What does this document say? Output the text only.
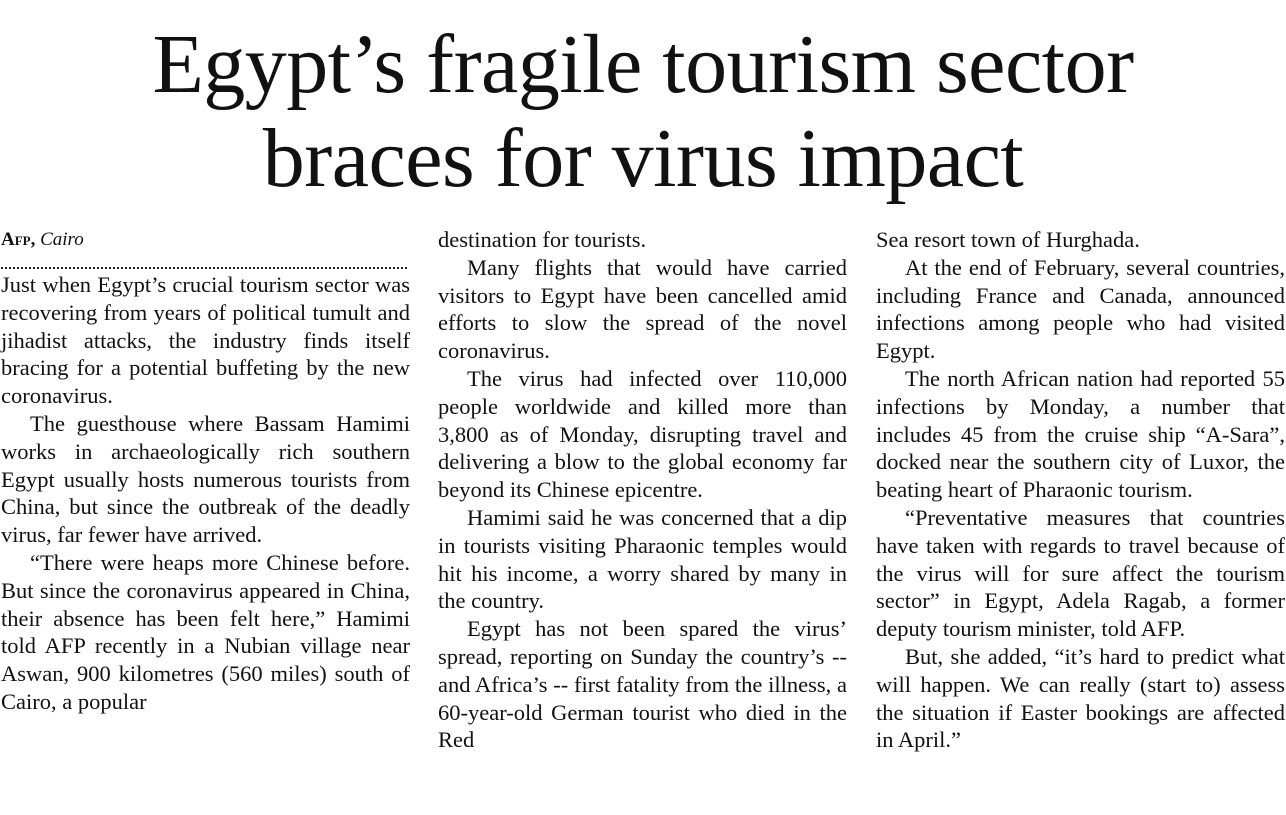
Egypt’s fragile tourism sector
braces for virus impact
Afp, Cairo

Just when Egypt’s crucial tourism sector was recovering from years of political tumult and jihadist attacks, the industry finds itself bracing for a potential buffeting by the new coronavirus.

The guesthouse where Bassam Hamimi works in archaeologically rich southern Egypt usually hosts numerous tourists from China, but since the outbreak of the deadly virus, far fewer have arrived.

“There were heaps more Chinese before. But since the coronavirus appeared in China, their absence has been felt here,” Hamimi told AFP recently in a Nubian village near Aswan, 900 kilometres (560 miles) south of Cairo, a popular

destination for tourists.

Many flights that would have carried visitors to Egypt have been cancelled amid efforts to slow the spread of the novel coronavirus.

The virus had infected over 110,000 people worldwide and killed more than 3,800 as of Monday, disrupting travel and delivering a blow to the global economy far beyond its Chinese epicentre.

Hamimi said he was concerned that a dip in tourists visiting Pharaonic temples would hit his income, a worry shared by many in the country.

Egypt has not been spared the virus’ spread, reporting on Sunday the country’s -- and Africa’s -- first fatality from the illness, a 60-year-old German tourist who died in the Red

Sea resort town of Hurghada.

At the end of February, several countries, including France and Canada, announced infections among people who had visited Egypt.

The north African nation had reported 55 infections by Monday, a number that includes 45 from the cruise ship “A-Sara”, docked near the southern city of Luxor, the beating heart of Pharaonic tourism.

“Preventative measures that countries have taken with regards to travel because of the virus will for sure affect the tourism sector” in Egypt, Adela Ragab, a former deputy tourism minister, told AFP.

But, she added, “it’s hard to predict what will happen. We can really (start to) assess the situation if Easter bookings are affected in April.”
